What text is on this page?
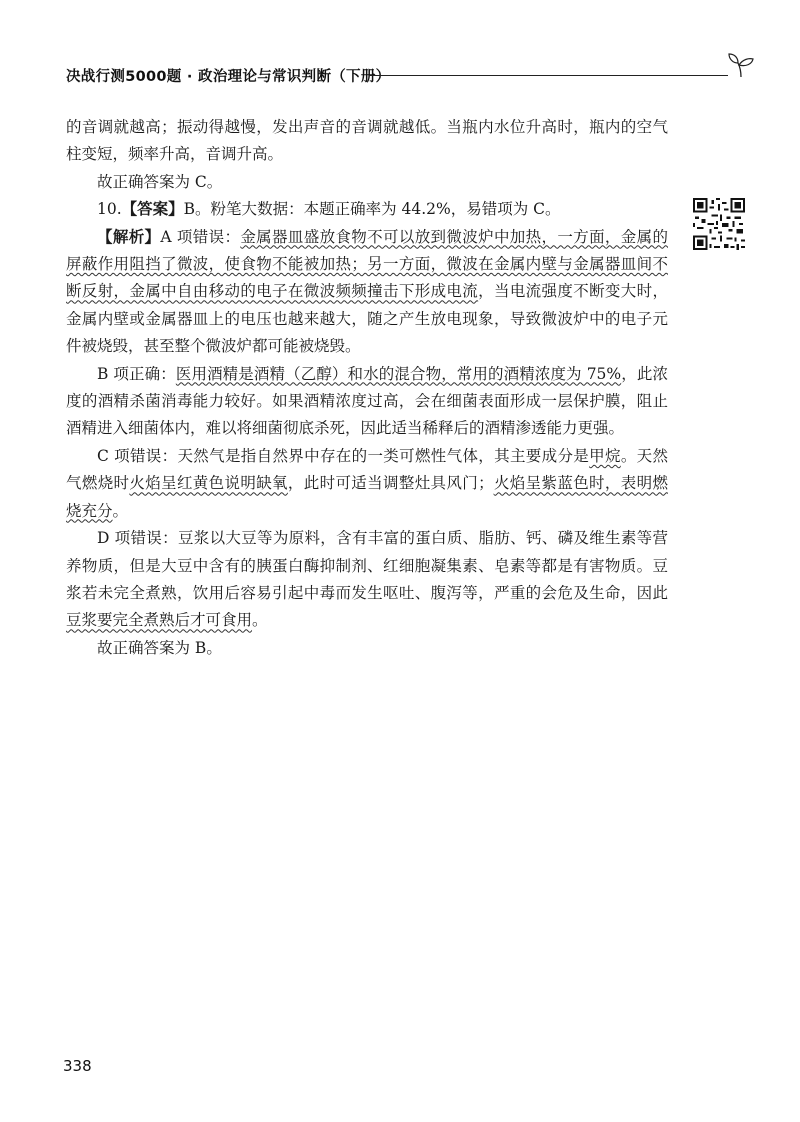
决战行测5000题 · 政治理论与常识判断（下册）

的音调就越高；振动得越慢，发出声音的音调就越低。当瓶内水位升高时，瓶内的空气柱变短，频率升高，音调升高。

故正确答案为 C。

10.【答案】B。粉笔大数据：本题正确率为 44.2%，易错项为 C。

【解析】A 项错误：金属器皿盛放食物不可以放到微波炉中加热，一方面，金属的屏蔽作用阻挡了微波，使食物不能被加热；另一方面，微波在金属内壁与金属器皿间不断反射，金属中自由移动的电子在微波频频撞击下形成电流，当电流强度不断变大时，金属内壁或金属器皿上的电压也越来越大，随之产生放电现象，导致微波炉中的电子元件被烧毁，甚至整个微波炉都可能被烧毁。

B 项正确：医用酒精是酒精（乙醇）和水的混合物，常用的酒精浓度为 75%，此浓度的酒精杀菌消毒能力较好。如果酒精浓度过高，会在细菌表面形成一层保护膜，阻止酒精进入细菌体内，难以将细菌彻底杀死，因此适当稀释后的酒精渗透能力更强。

C 项错误：天然气是指自然界中存在的一类可燃性气体，其主要成分是甲烷。天然气燃烧时火焰呈红黄色说明缺氧，此时可适当调整灶具风门；火焰呈紫蓝色时，表明燃烧充分。

D 项错误：豆浆以大豆等为原料，含有丰富的蛋白质、脂肪、钙、磷及维生素等营养物质，但是大豆中含有的胰蛋白酶抑制剂、红细胞凝集素、皂素等都是有害物质。豆浆若未完全煮熟，饮用后容易引起中毒而发生呕吐、腹泻等，严重的会危及生命，因此豆浆要完全煮熟后才可食用。

故正确答案为 B。

338
